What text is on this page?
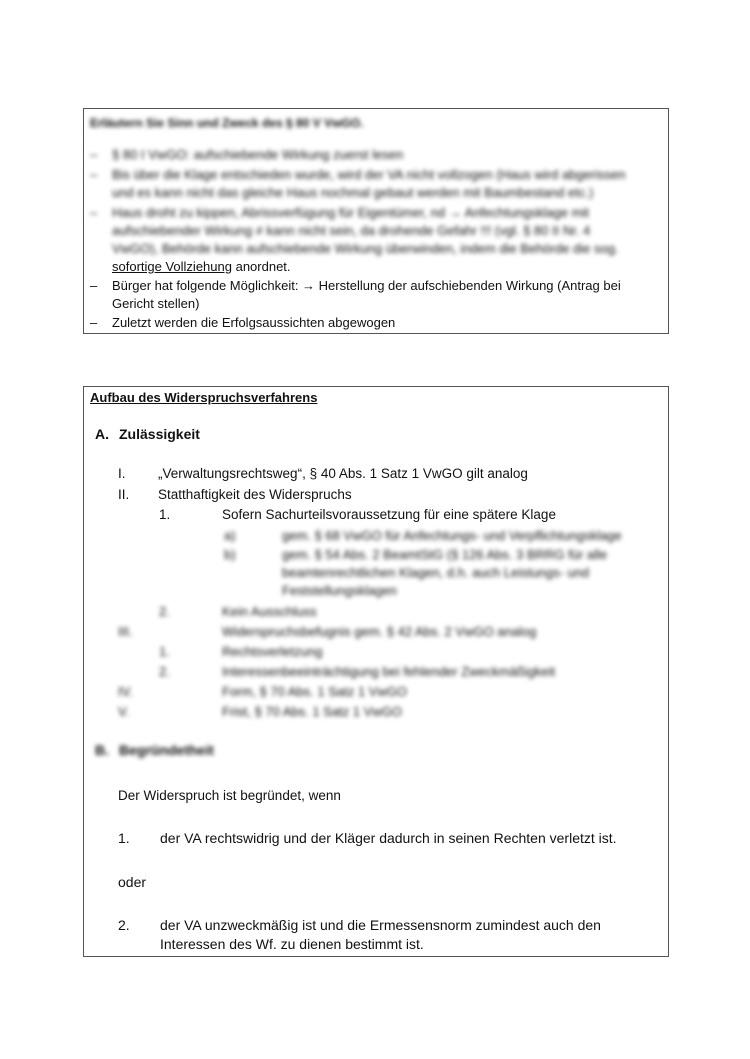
Erläutern Sie Sinn und Zweck des § 80 V VwGO.
– § 80 I VwGO: aufschiebende Wirkung zuerst lesen
– Bis über die Klage entschieden wurde, wird der VA nicht vollzogen (Haus wird abgerissen
und es kann nicht das gleiche Haus nochmal gebaut werden mit Baumbestand etc.)
– Haus droht zu kippen, Abrissverfügung für Eigentümer, nd → Anfechtungsklage mit
aufschiebender Wirkung ≠ kann nicht sein, da drohende Gefahr !!! (vgl. § 80 II Nr. 4
VwGO), Behörde kann aufschiebende Wirkung überwinden, indem die Behörde die sog.
sofortige Vollziehung anordnet.
– Bürger hat folgende Möglichkeit: → Herstellung der aufschiebenden Wirkung (Antrag bei
Gericht stellen)
– Zuletzt werden die Erfolgsaussichten abgewogen
Aufbau des Widerspruchsverfahrens
A. Zulässigkeit
I. „Verwaltungsrechtsweg“, § 40 Abs. 1 Satz 1 VwGO gilt analog
II. Statthaftigkeit des Widerspruchs
1.	Sofern Sachurteilsvoraussetzung für eine spätere Klage
a)	gem. § 68 VwGO für Anfechtungs- und Verpflichtungsklage
b)	gem. § 54 Abs. 2 BeamtStG (§ 126 Abs. 3 BRRG für alle
beamtenrechtlichen Klagen, d.h. auch Leistungs- und
Feststellungsklagen
2.	Kein Ausschluss
III.	Widerspruchsbefugnis gem. § 42 Abs. 2 VwGO analog
1.	Rechtsverletzung
2.	Interessenbeeinträchtigung bei fehlender Zweckmäßigkeit
IV.	Form, § 70 Abs. 1 Satz 1 VwGO
V.	Frist, § 70 Abs. 1 Satz 1 VwGO
B. Begründetheit
Der Widerspruch ist begründet, wenn
1. der VA rechtswidrig und der Kläger dadurch in seinen Rechten verletzt ist.
oder
2. der VA unzweckmäßig ist und die Ermessensnorm zumindest auch den
Interessen des Wf. zu dienen bestimmt ist.
